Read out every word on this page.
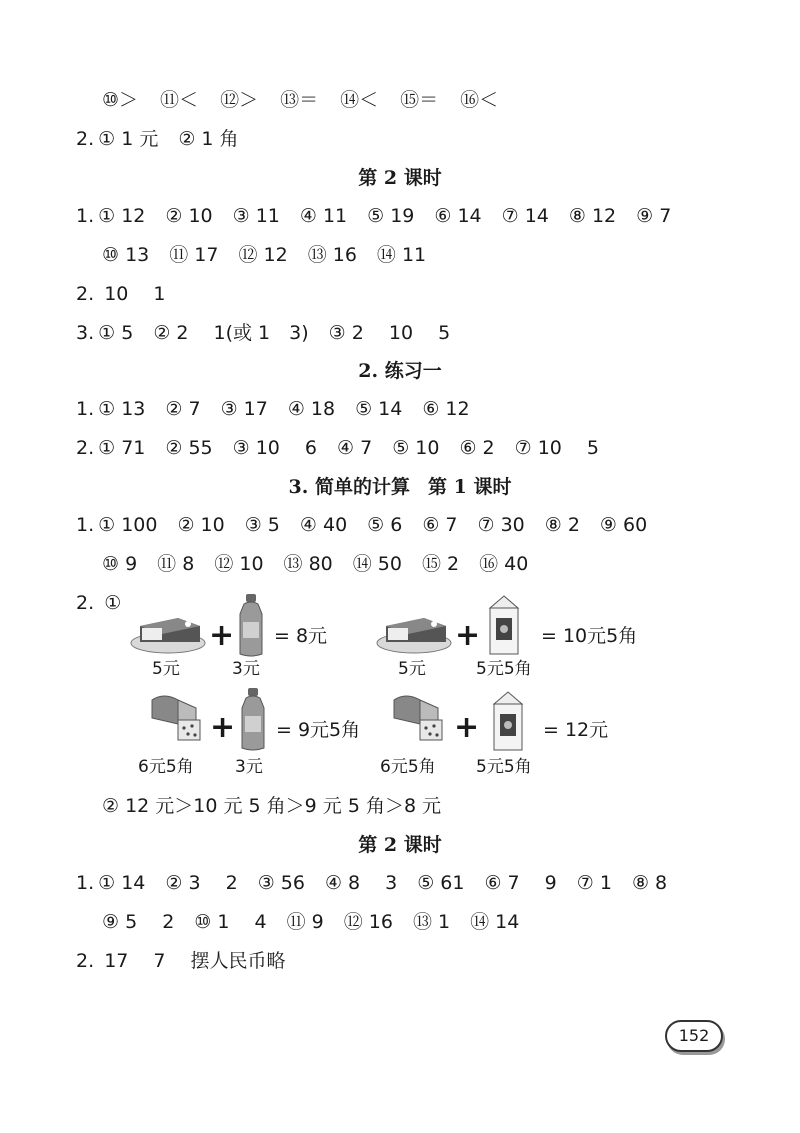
⑩＞ ⑪＜ ⑫＞ ⑬＝ ⑭＜ ⑮＝ ⑯＜
2. ① 1 元 ② 1 角
第 2 课时
1. ① 12 ② 10 ③ 11 ④ 11 ⑤ 19 ⑥ 14 ⑦ 14 ⑧ 12 ⑨ 7
⑩ 13 ⑪ 17 ⑫ 12 ⑬ 16 ⑭ 11
2. 10　 1
3. ① 5 ② 2　 1(或 1　3) ③ 2　 10　 5
2. 练习一
1. ① 13 ② 7 ③ 17 ④ 18 ⑤ 14 ⑥ 12
2. ① 71 ② 55 ③ 10　 6 ④ 7 ⑤ 10 ⑥ 2 ⑦ 10　 5
3. 简单的计算 第 1 课时
1. ① 100 ② 10 ③ 5 ④ 40 ⑤ 6 ⑥ 7 ⑦ 30 ⑧ 2 ⑨ 60
⑩ 9 ⑪ 8 ⑫ 10 ⑬ 80 ⑭ 50 ⑮ 2 ⑯ 40
2. ①
5元
+
3元
= 8元
5元
+
5元5角
= 10元5角
6元5角
+
3元
= 9元5角
6元5角
+
5元5角
= 12元
② 12 元＞10 元 5 角＞9 元 5 角＞8 元
第 2 课时
1. ① 14 ② 3　 2 ③ 56 ④ 8　 3 ⑤ 61 ⑥ 7　 9 ⑦ 1 ⑧ 8
⑨ 5　 2 ⑩ 1　 4 ⑪ 9 ⑫ 16 ⑬ 1 ⑭ 14
2. 17　 7　 摆人民币略
152
